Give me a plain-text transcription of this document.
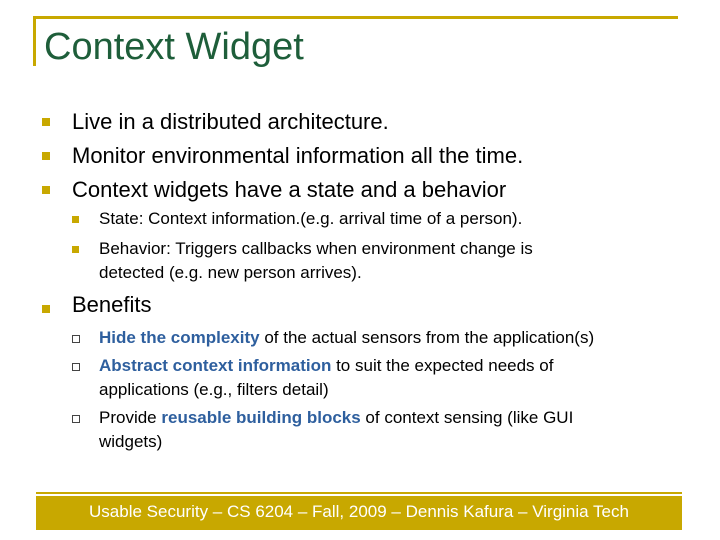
Context Widget
Live in a distributed architecture.
Monitor environmental information all the time.
Context widgets have a state and a behavior
State: Context information.(e.g. arrival time of a person).
Behavior: Triggers callbacks when environment change is
detected (e.g. new person arrives).
Benefits
Hide the complexity of the actual sensors from the application(s)
Abstract context information to suit the expected needs of
applications (e.g., filters detail)
Provide reusable building blocks of context sensing (like GUI
widgets)
Usable Security – CS 6204 – Fall, 2009 – Dennis Kafura – Virginia Tech
